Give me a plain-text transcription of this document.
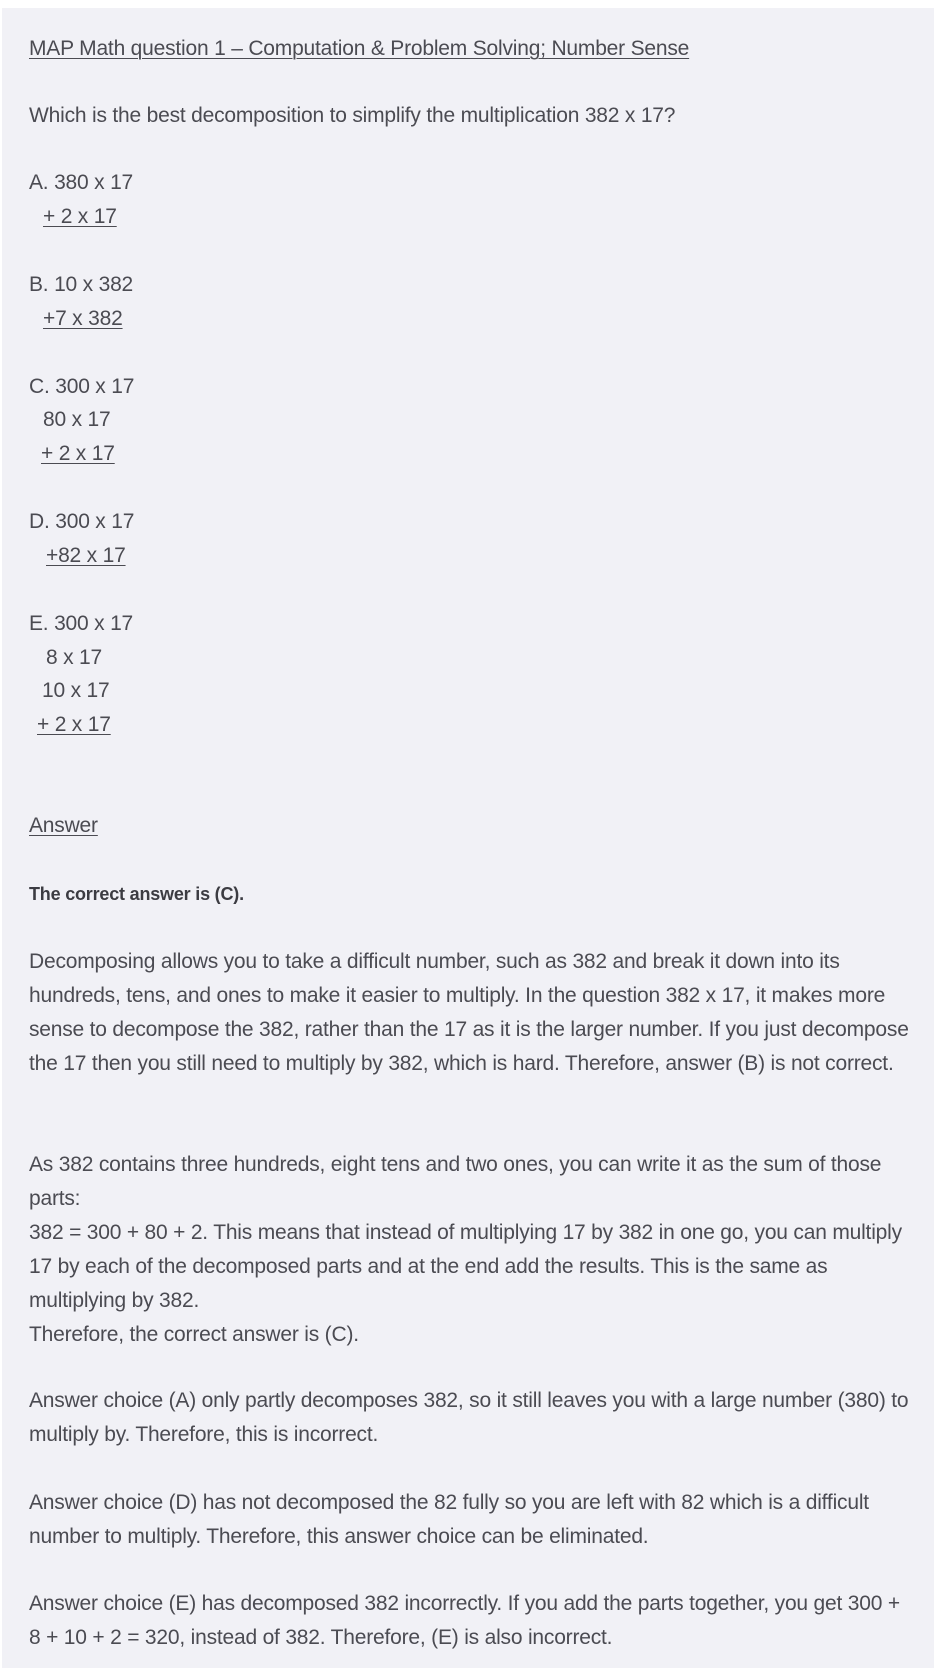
MAP Math question 1 – Computation & Problem Solving; Number Sense
Which is the best decomposition to simplify the multiplication 382 x 17?
A. 380 x 17
+ 2 x 17
B. 10 x 382
+7 x 382
C. 300 x 17
80 x 17
+ 2 x 17
D. 300 x 17
+82 x 17
E. 300 x 17
8 x 17
10 x 17
+ 2 x 17
Answer
The correct answer is (C).

Decomposing allows you to take a difficult number, such as 382 and break it down into its hundreds, tens, and ones to make it easier to multiply. In the question 382 x 17, it makes more sense to decompose the 382, rather than the 17 as it is the larger number. If you just decompose the 17 then you still need to multiply by 382, which is hard. Therefore, answer (B) is not correct.

As 382 contains three hundreds, eight tens and two ones, you can write it as the sum of those parts:

382 = 300 + 80 + 2. This means that instead of multiplying 17 by 382 in one go, you can multiply 17 by each of the decomposed parts and at the end add the results. This is the same as multiplying by 382.

Therefore, the correct answer is (C).

Answer choice (A) only partly decomposes 382, so it still leaves you with a large number (380) to multiply by. Therefore, this is incorrect.

Answer choice (D) has not decomposed the 82 fully so you are left with 82 which is a difficult number to multiply. Therefore, this answer choice can be eliminated.

Answer choice (E) has decomposed 382 incorrectly. If you add the parts together, you get 300 + 8 + 10 + 2 = 320, instead of 382. Therefore, (E) is also incorrect.
